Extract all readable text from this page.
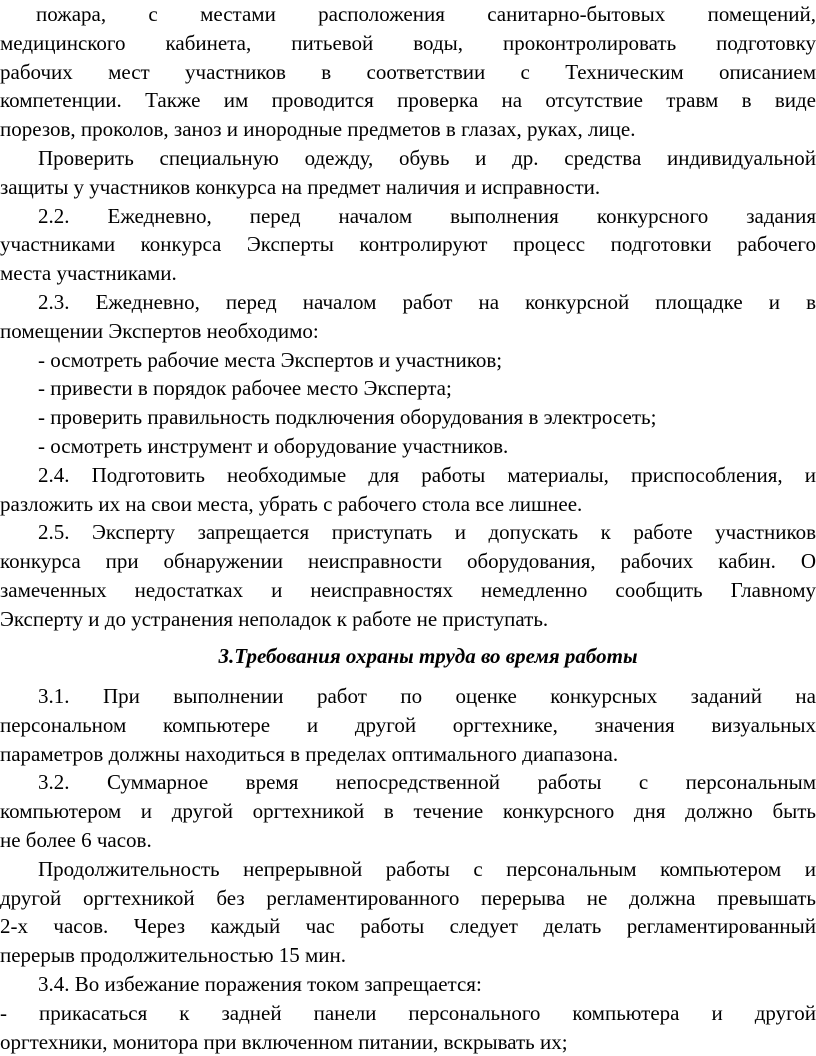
пожара, с местами расположения санитарно-бытовых помещений,
медицинского кабинета, питьевой воды, проконтролировать подготовку
рабочих мест участников в соответствии с Техническим описанием
компетенции. Также им проводится проверка на отсутствие травм в виде
порезов, проколов, заноз и инородные предметов в глазах, руках, лице.
Проверить специальную одежду, обувь и др. средства индивидуальной
защиты у участников конкурса на предмет наличия и исправности.
2.2. Ежедневно, перед началом выполнения конкурсного задания
участниками конкурса Эксперты контролируют процесс подготовки рабочего
места участниками.
2.3. Ежедневно, перед началом работ на конкурсной площадке и в
помещении Экспертов необходимо:
- осмотреть рабочие места Экспертов и участников;
- привести в порядок рабочее место Эксперта;
- проверить правильность подключения оборудования в электросеть;
- осмотреть инструмент и оборудование участников.
2.4. Подготовить необходимые для работы материалы, приспособления, и
разложить их на свои места, убрать с рабочего стола все лишнее.
2.5. Эксперту запрещается приступать и допускать к работе участников
конкурса при обнаружении неисправности оборудования, рабочих кабин. О
замеченных недостатках и неисправностях немедленно сообщить Главному
Эксперту и до устранения неполадок к работе не приступать.
3.Требования охраны труда во время работы
3.1. При выполнении работ по оценке конкурсных заданий на
персональном компьютере и другой оргтехнике, значения визуальных
параметров должны находиться в пределах оптимального диапазона.
3.2. Суммарное время непосредственной работы с персональным
компьютером и другой оргтехникой в течение конкурсного дня должно быть
не более 6 часов.
Продолжительность непрерывной работы с персональным компьютером и
другой оргтехникой без регламентированного перерыва не должна превышать
2-х часов. Через каждый час работы следует делать регламентированный
перерыв продолжительностью 15 мин.
3.4. Во избежание поражения током запрещается:
- прикасаться к задней панели персонального компьютера и другой
оргтехники, монитора при включенном питании, вскрывать их;
